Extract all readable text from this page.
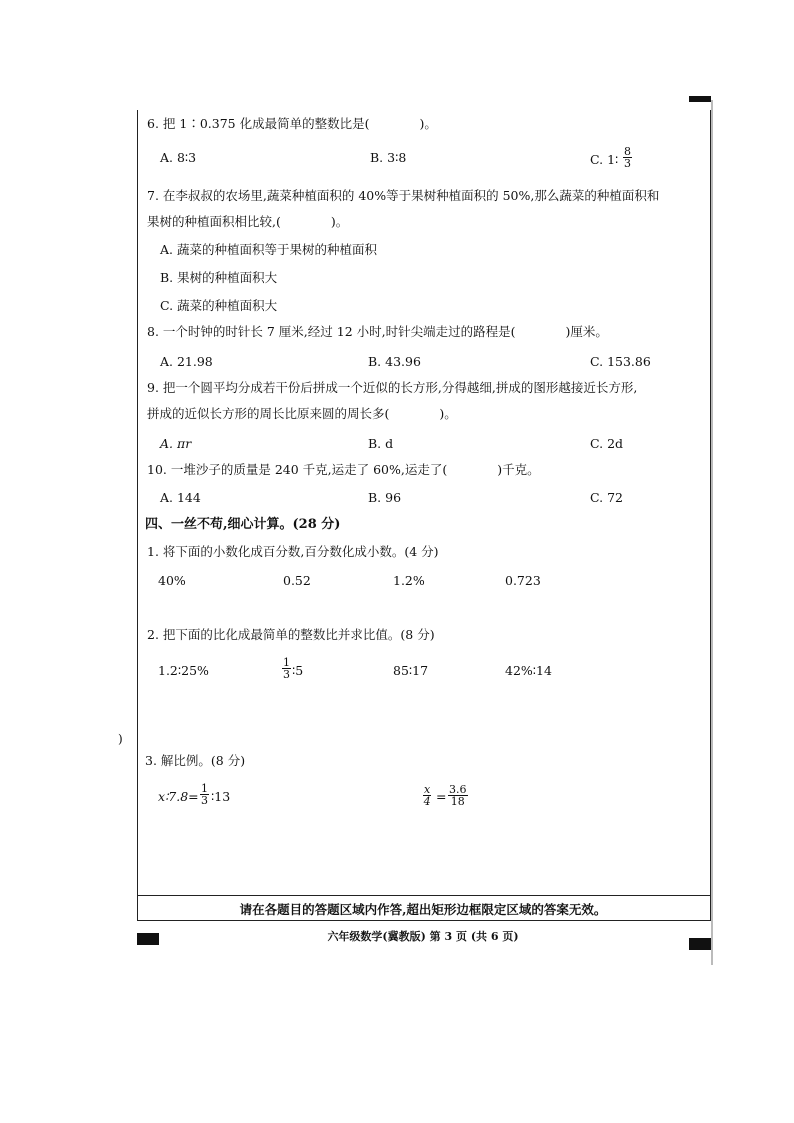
)
6. 把 1∶0.375 化成最简单的整数比是(	)。
A. 8∶3	B. 3∶8	C. 1∶ $\frac{8}{3}$
7. 在李叔叔的农场里,蔬菜种植面积的 40%等于果树种植面积的 50%,那么蔬菜的种植面积和
果树的种植面积相比较,(	)。
A. 蔬菜的种植面积等于果树的种植面积
B. 果树的种植面积大
C. 蔬菜的种植面积大
8. 一个时钟的时针长 7 厘米,经过 12 小时,时针尖端走过的路程是(	)厘米。
A. 21.98	B. 43.96	C. 153.86
9. 把一个圆平均分成若干份后拼成一个近似的长方形,分得越细,拼成的图形越接近长方形,
拼成的近似长方形的周长比原来圆的周长多(	)。
A. πr	B. d	C. 2d
10. 一堆沙子的质量是 240 千克,运走了 60%,运走了(	)千克。
A. 144	B. 96	C. 72
四、一丝不苟,细心计算。(28 分)
1. 将下面的小数化成百分数,百分数化成小数。(4 分)
40%	0.52	1.2%	0.723
2. 把下面的比化成最简单的整数比并求比值。(8 分)
1.2∶25%	$\frac{1}{3}$ ∶5	85∶17	42%∶14
3. 解比例。(8 分)
x∶7.8= $\frac{1}{3}$ ∶13	$\frac{x}{4} = \frac{3.6}{18}$
请在各题目的答题区域内作答,超出矩形边框限定区域的答案无效。
六年级数学(冀教版) 第 3 页 (共 6 页)
